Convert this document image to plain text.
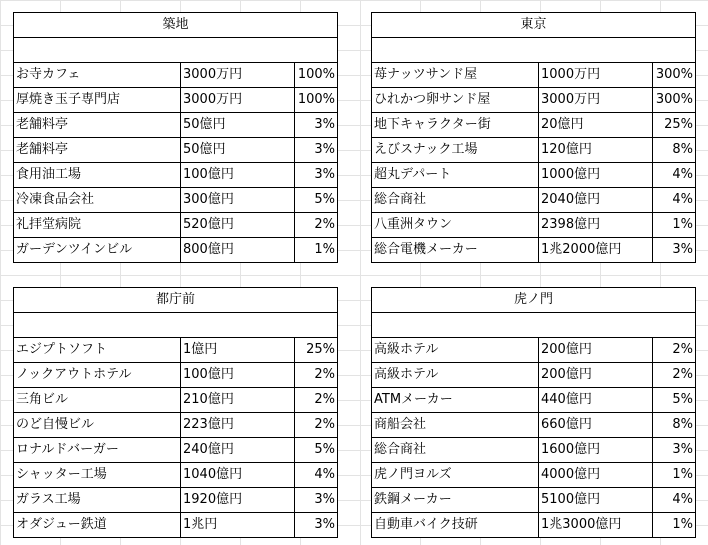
築地
お寺カフェ	3000万円	100%
厚焼き玉子専門店	3000万円	100%
老舗料亭	50億円	3%
老舗料亭	50億円	3%
食用油工場	100億円	3%
冷凍食品会社	300億円	5%
礼拝堂病院	520億円	2%
ガーデンツインビル	800億円	1%
東京
苺ナッツサンド屋	1000万円	300%
ひれかつ卵サンド屋	3000万円	300%
地下キャラクター街	20億円	25%
えびスナック工場	120億円	8%
超丸デパート	1000億円	4%
総合商社	2040億円	4%
八重洲タウン	2398億円	1%
総合電機メーカー	1兆2000億円	3%
都庁前
エジプトソフト	1億円	25%
ノックアウトホテル	100億円	2%
三角ビル	210億円	2%
のど自慢ビル	223億円	2%
ロナルドバーガー	240億円	5%
シャッター工場	1040億円	4%
ガラス工場	1920億円	3%
オダジュー鉄道	1兆円	3%
虎ノ門
高級ホテル	200億円	2%
高級ホテル	200億円	2%
ATMメーカー	440億円	5%
商船会社	660億円	8%
総合商社	1600億円	3%
虎ノ門ヨルズ	4000億円	1%
鉄鋼メーカー	5100億円	4%
自動車バイク技研	1兆3000億円	1%
